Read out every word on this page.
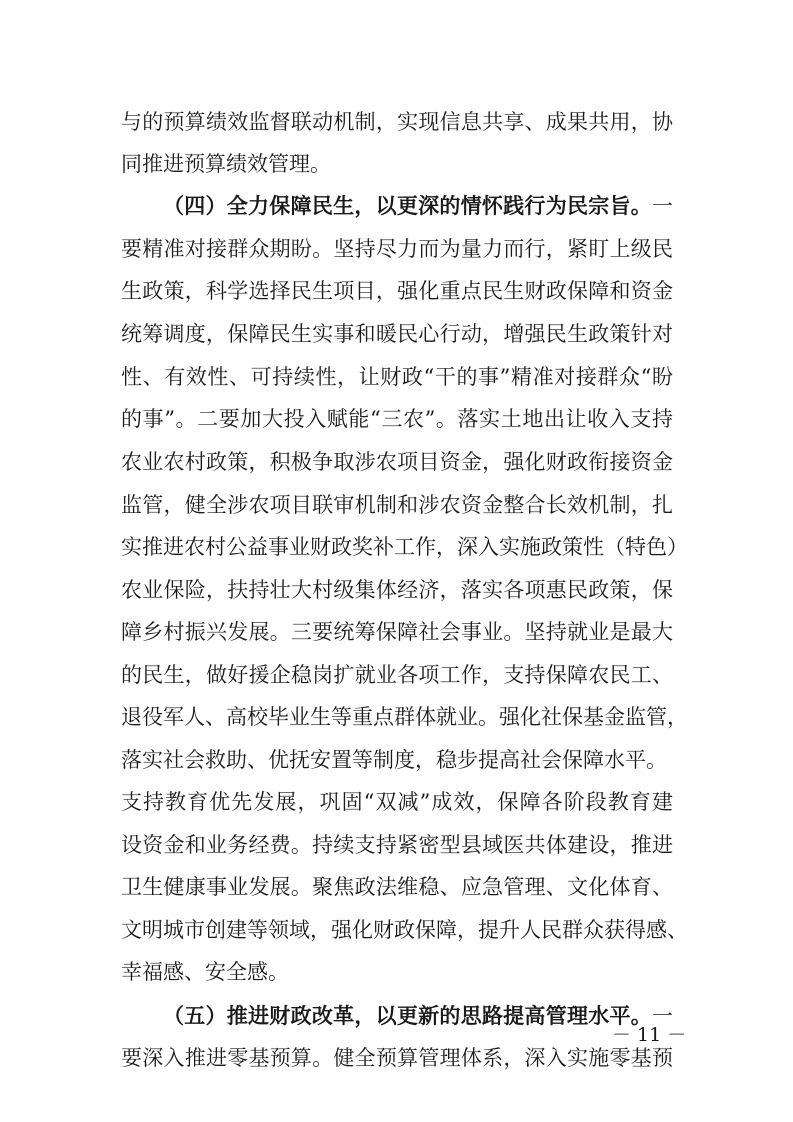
与的预算绩效监督联动机制，实现信息共享、成果共用，协
同推进预算绩效管理。
（四）全力保障民生，以更深的情怀践行为民宗旨。一
要精准对接群众期盼。坚持尽力而为量力而行，紧盯上级民
生政策，科学选择民生项目，强化重点民生财政保障和资金
统筹调度，保障民生实事和暖民心行动，增强民生政策针对
性、有效性、可持续性，让财政“干的事”精准对接群众“盼
的事”。二要加大投入赋能“三农”。落实土地出让收入支持
农业农村政策，积极争取涉农项目资金，强化财政衔接资金
监管，健全涉农项目联审机制和涉农资金整合长效机制，扎
实推进农村公益事业财政奖补工作，深入实施政策性（特色）
农业保险，扶持壮大村级集体经济，落实各项惠民政策，保
障乡村振兴发展。三要统筹保障社会事业。坚持就业是最大
的民生，做好援企稳岗扩就业各项工作，支持保障农民工、
退役军人、高校毕业生等重点群体就业。强化社保基金监管，
落实社会救助、优抚安置等制度，稳步提高社会保障水平。
支持教育优先发展，巩固“双减”成效，保障各阶段教育建
设资金和业务经费。持续支持紧密型县域医共体建设，推进
卫生健康事业发展。聚焦政法维稳、应急管理、文化体育、
文明城市创建等领域，强化财政保障，提升人民群众获得感、
幸福感、安全感。
（五）推进财政改革，以更新的思路提高管理水平。一
要深入推进零基预算。健全预算管理体系，深入实施零基预
－ 11 －
